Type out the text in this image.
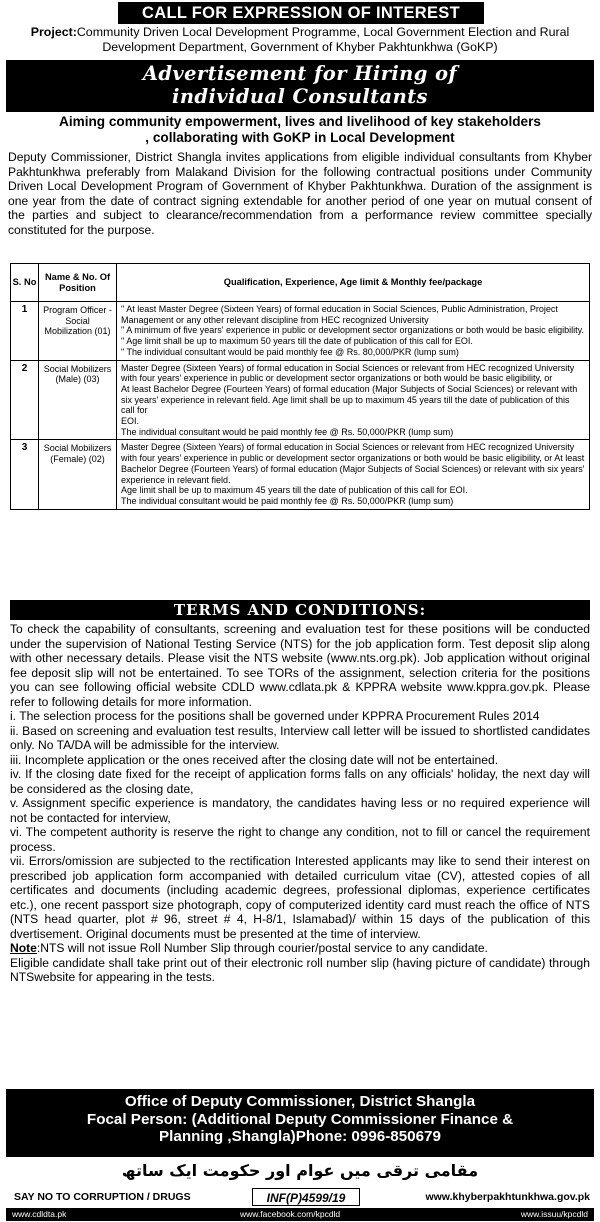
CALL FOR EXPRESSION OF INTEREST
Project:Community Driven Local Development Programme, Local Government Election and Rural Development Department, Government of Khyber Pakhtunkhwa (GoKP)
Advertisement for Hiring of
individual Consultants
Aiming community empowerment, lives and livelihood of key stakeholders
, collaborating with GoKP in Local Development
Deputy Commissioner, District Shangla invites applications from eligible individual consultants from Khyber Pakhtunkhwa preferably from Malakand Division for the following contractual positions under Community Driven Local Development Program of Government of Khyber Pakhtunkhwa. Duration of the assignment is one year from the date of contract signing extendable for another period of one year on mutual consent of the parties and subject to clearance/recommendation from a performance review committee specially constituted for the purpose.
S. No	Name & No. Of Position	Qualification, Experience, Age limit & Monthly fee/package
1	Program Officer -Social Mobilization (01)	" At least Master Degree (Sixteen Years) of formal education in Social Sciences, Public Administration, Project Management or any other relevant discipline from HEC recognized University

" A minimum of five years' experience in public or development sector organizations or both would be basic eligibility.

" Age limit shall be up to maximum 50 years till the date of publication of this call for EOI.

" The individual consultant would be paid monthly fee @ Rs. 80,000/PKR (lump sum)

2	Social Mobilizers (Male) (03)	Master Degree (Sixteen Years) of formal education in Social Sciences or relevant from HEC recognized University with four years' experience in public or development sector organizations or both would be basic eligibility, or

At least Bachelor Degree (Fourteen Years) of formal education (Major Subjects of Social Sciences) or relevant with six years' experience in relevant field. Age limit shall be up to maximum 45 years till the date of publication of this call for

EOI.

The individual consultant would be paid monthly fee @ Rs. 50,000/PKR (lump sum)

3	Social Mobilizers (Female) (02)	Master Degree (Sixteen Years) of formal education in Social Sciences or relevant from HEC recognized University with four years' experience in public or development sector organizations or both would be basic eligibility, or At least Bachelor Degree (Fourteen Years) of formal education (Major Subjects of Social Sciences) or relevant with six years' experience in relevant field.

Age limit shall be up to maximum 45 years till the date of publication of this call for EOI.

The individual consultant would be paid monthly fee @ Rs. 50,000/PKR (lump sum)

TERMS AND CONDITIONS:

To check the capability of consultants, screening and evaluation test for these positions will be conducted under the supervision of National Testing Service (NTS) for the job application form. Test deposit slip along with other necessary details. Please visit the NTS website (www.nts.org.pk). Job application without original fee deposit slip will not be entertained. To see TORs of the assignment, selection criteria for the positions you can see following official website CDLD www.cdlata.pk & KPPRA website www.kppra.gov.pk. Please refer to following details for more information.

i. The selection process for the positions shall be governed under KPPRA Procurement Rules 2014

ii. Based on screening and evaluation test results, Interview call letter will be issued to shortlisted candidates only. No TA/DA will be admissible for the interview.

iii. Incomplete application or the ones received after the closing date will not be entertained.

iv. If the closing date fixed for the receipt of application forms falls on any officials' holiday, the next day will be considered as the closing date,

v. Assignment specific experience is mandatory, the candidates having less or no required experience will not be contacted for interview,

vi. The competent authority is reserve the right to change any condition, not to fill or cancel the requirement process.

vii. Errors/omission are subjected to the rectification Interested applicants may like to send their interest on prescribed job application form accompanied with detailed curriculum vitae (CV), attested copies of all certificates and documents (including academic degrees, professional diplomas, experience certificates etc.), one recent passport size photograph, copy of computerized identity card must reach the office of NTS (NTS head quarter, plot # 96, street # 4, H-8/1, Islamabad)/ within 15 days of the publication of this dvertisement. Original documents must be presented at the time of interview.

Note:NTS will not issue Roll Number Slip through courier/postal service to any candidate.

Eligible candidate shall take print out of their electronic roll number slip (having picture of candidate) through NTSwebsite for appearing in the tests.

Office of Deputy Commissioner, District Shangla
Focal Person: (Additional Deputy Commissioner Finance &
Planning ,Shangla)Phone: 0996-850679
مقامی ترقی میں عوام اور حکومت ایک ساتھ
SAY NO TO CORRUPTION / DRUGS	INF(P)4599/19	www.khyberpakhtunkhwa.gov.pk
www.cdldta.pk	www.facebook.com/kpcdld	www.issuu/kpcdld
